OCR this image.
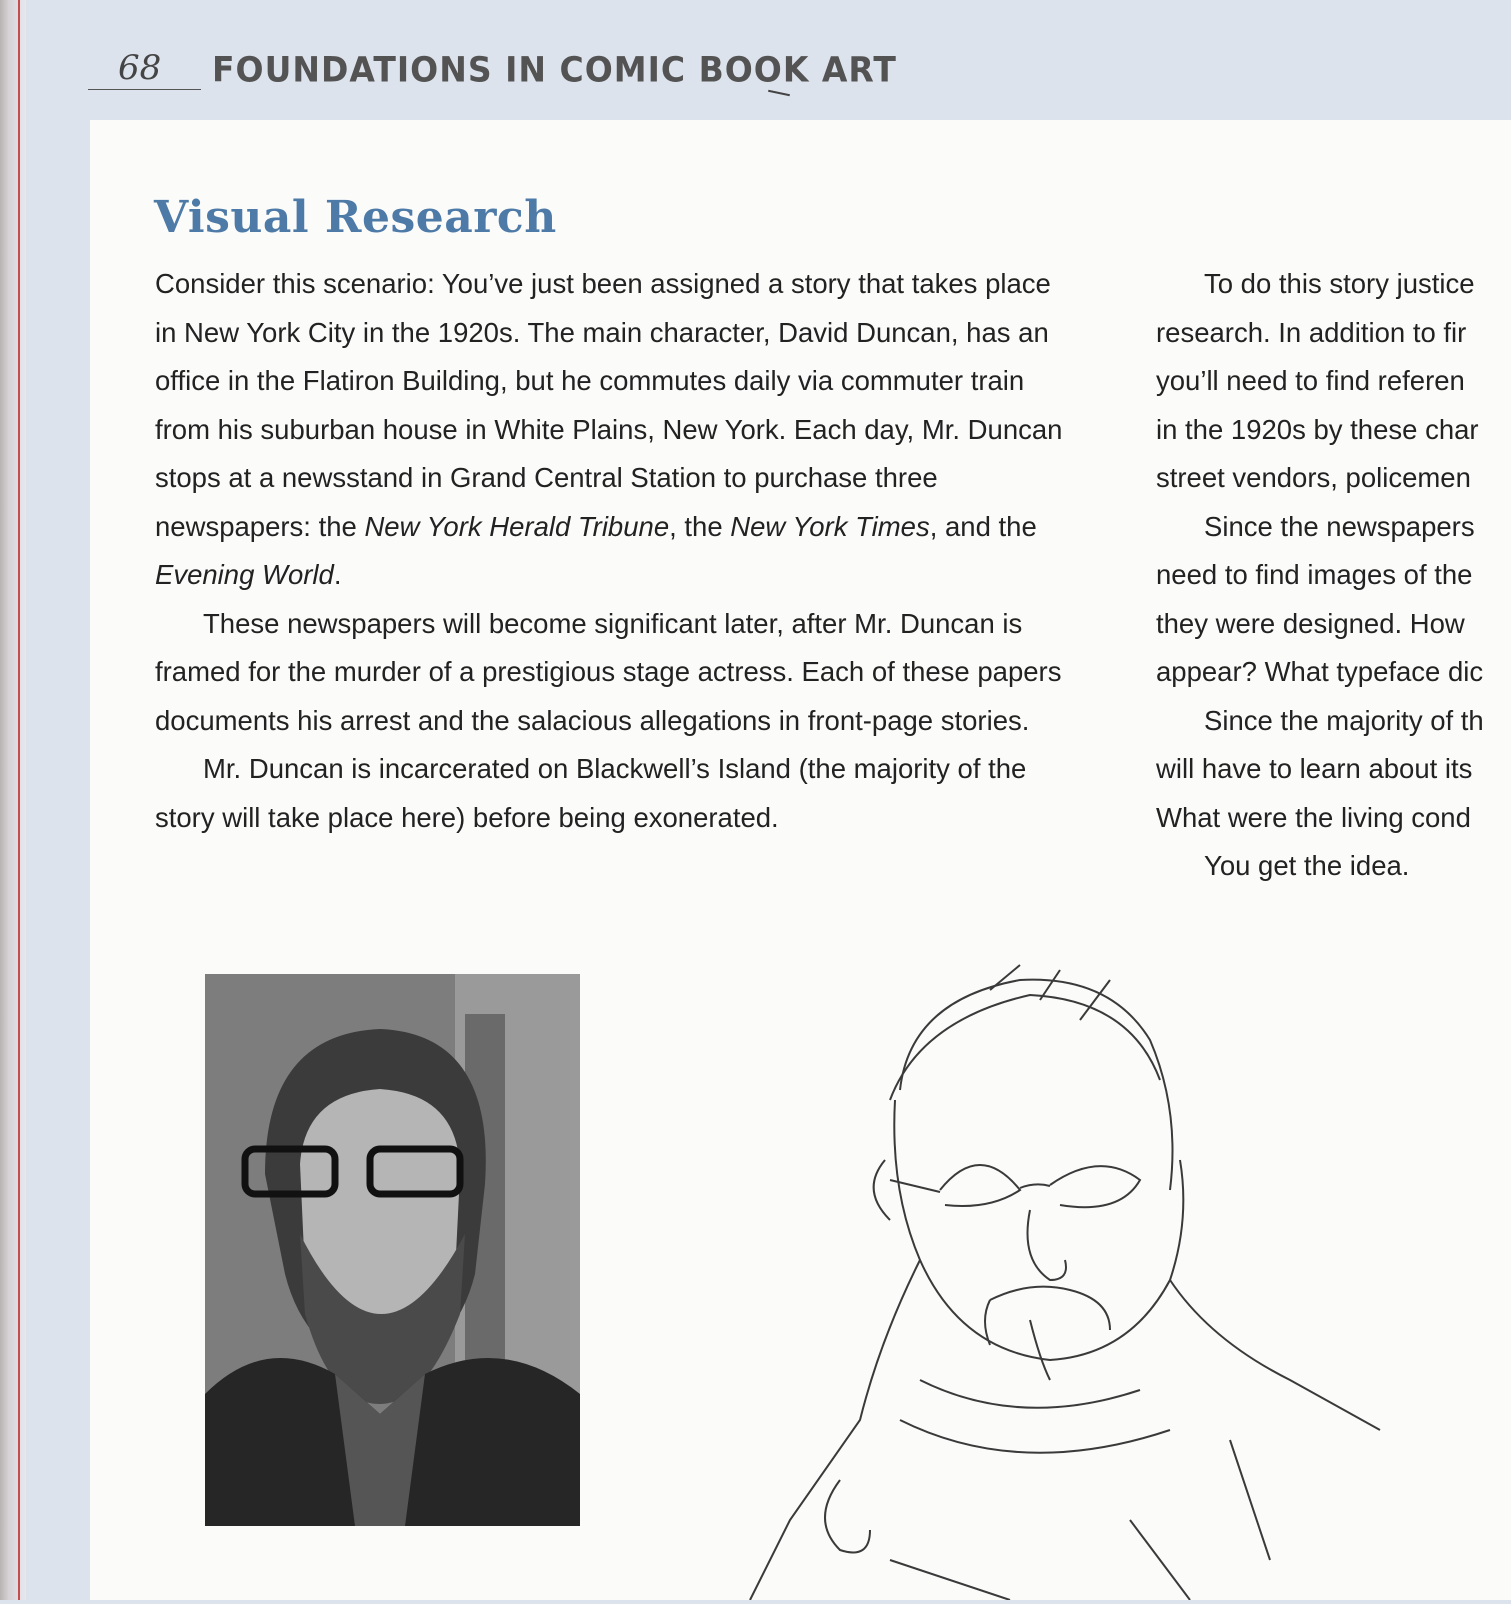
68	FOUNDATIONS IN COMIC BOOK ART
Visual Research

Consider this scenario: You’ve just been assigned a story that takes place in New York City in the 1920s. The main character, David Duncan, has an office in the Flatiron Building, but he commutes daily via commuter train from his suburban house in White Plains, New York. Each day, Mr. Duncan stops at a newsstand in Grand Central Station to purchase three newspapers: the New York Herald Tribune, the New York Times, and the Evening World.

These newspapers will become significant later, after Mr. Duncan is framed for the murder of a prestigious stage actress. Each of these papers documents his arrest and the salacious allegations in front-page stories.

Mr. Duncan is incarcerated on Blackwell’s Island (the majority of the story will take place here) before being exonerated.

To do this story justice

research. In addition to fir

you’ll need to find referen

in the 1920s by these char

street vendors, policemen

Since the newspapers

need to find images of the

they were designed. How

appear? What typeface dic

Since the majority of th

will have to learn about its

What were the living cond

You get the idea.
